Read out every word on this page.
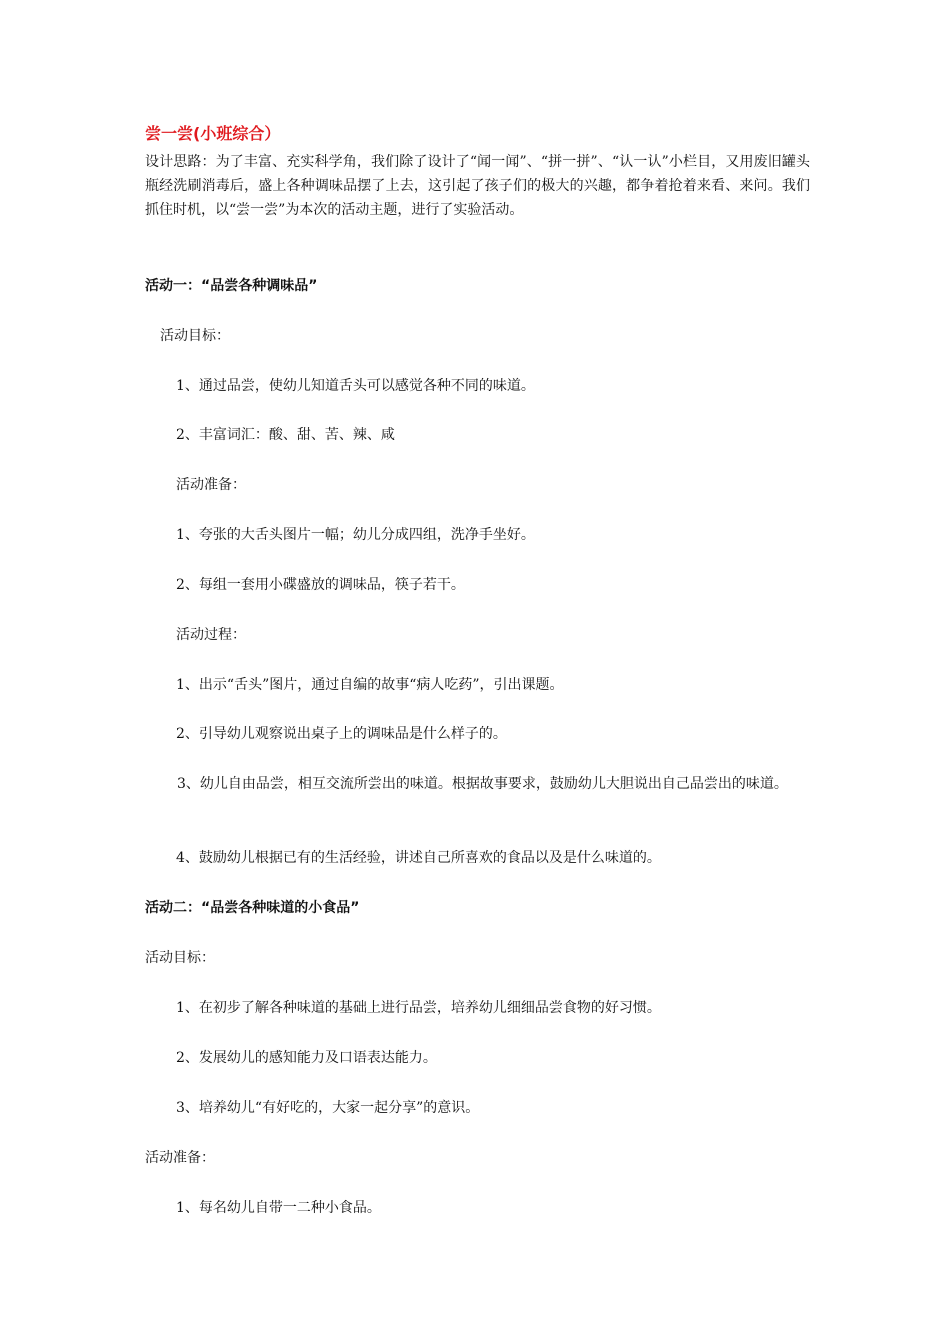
尝一尝(小班综合）
设计思路：为了丰富、充实科学角，我们除了设计了“闻一闻”、“拼一拼”、“认一认”小栏目，又用废旧罐头瓶经洗刷消毒后，盛上各种调味品摆了上去，这引起了孩子们的极大的兴趣，都争着抢着来看、来问。我们抓住时机，以“尝一尝”为本次的活动主题，进行了实验活动。
活动一：“品尝各种调味品”
活动目标：
1、通过品尝，使幼儿知道舌头可以感觉各种不同的味道。
2、丰富词汇：酸、甜、苦、辣、咸
活动准备：
1、夸张的大舌头图片一幅；幼儿分成四组，洗净手坐好。
2、每组一套用小碟盛放的调味品，筷子若干。
活动过程：
1、出示“舌头”图片，通过自编的故事“病人吃药”，引出课题。
2、引导幼儿观察说出桌子上的调味品是什么样子的。
3、幼儿自由品尝，相互交流所尝出的味道。根据故事要求，鼓励幼儿大胆说出自己品尝出的味道。
4、鼓励幼儿根据已有的生活经验，讲述自己所喜欢的食品以及是什么味道的。
活动二：“品尝各种味道的小食品”
活动目标：
1、在初步了解各种味道的基础上进行品尝，培养幼儿细细品尝食物的好习惯。
2、发展幼儿的感知能力及口语表达能力。
3、培养幼儿“有好吃的，大家一起分享”的意识。
活动准备：
1、每名幼儿自带一二种小食品。
